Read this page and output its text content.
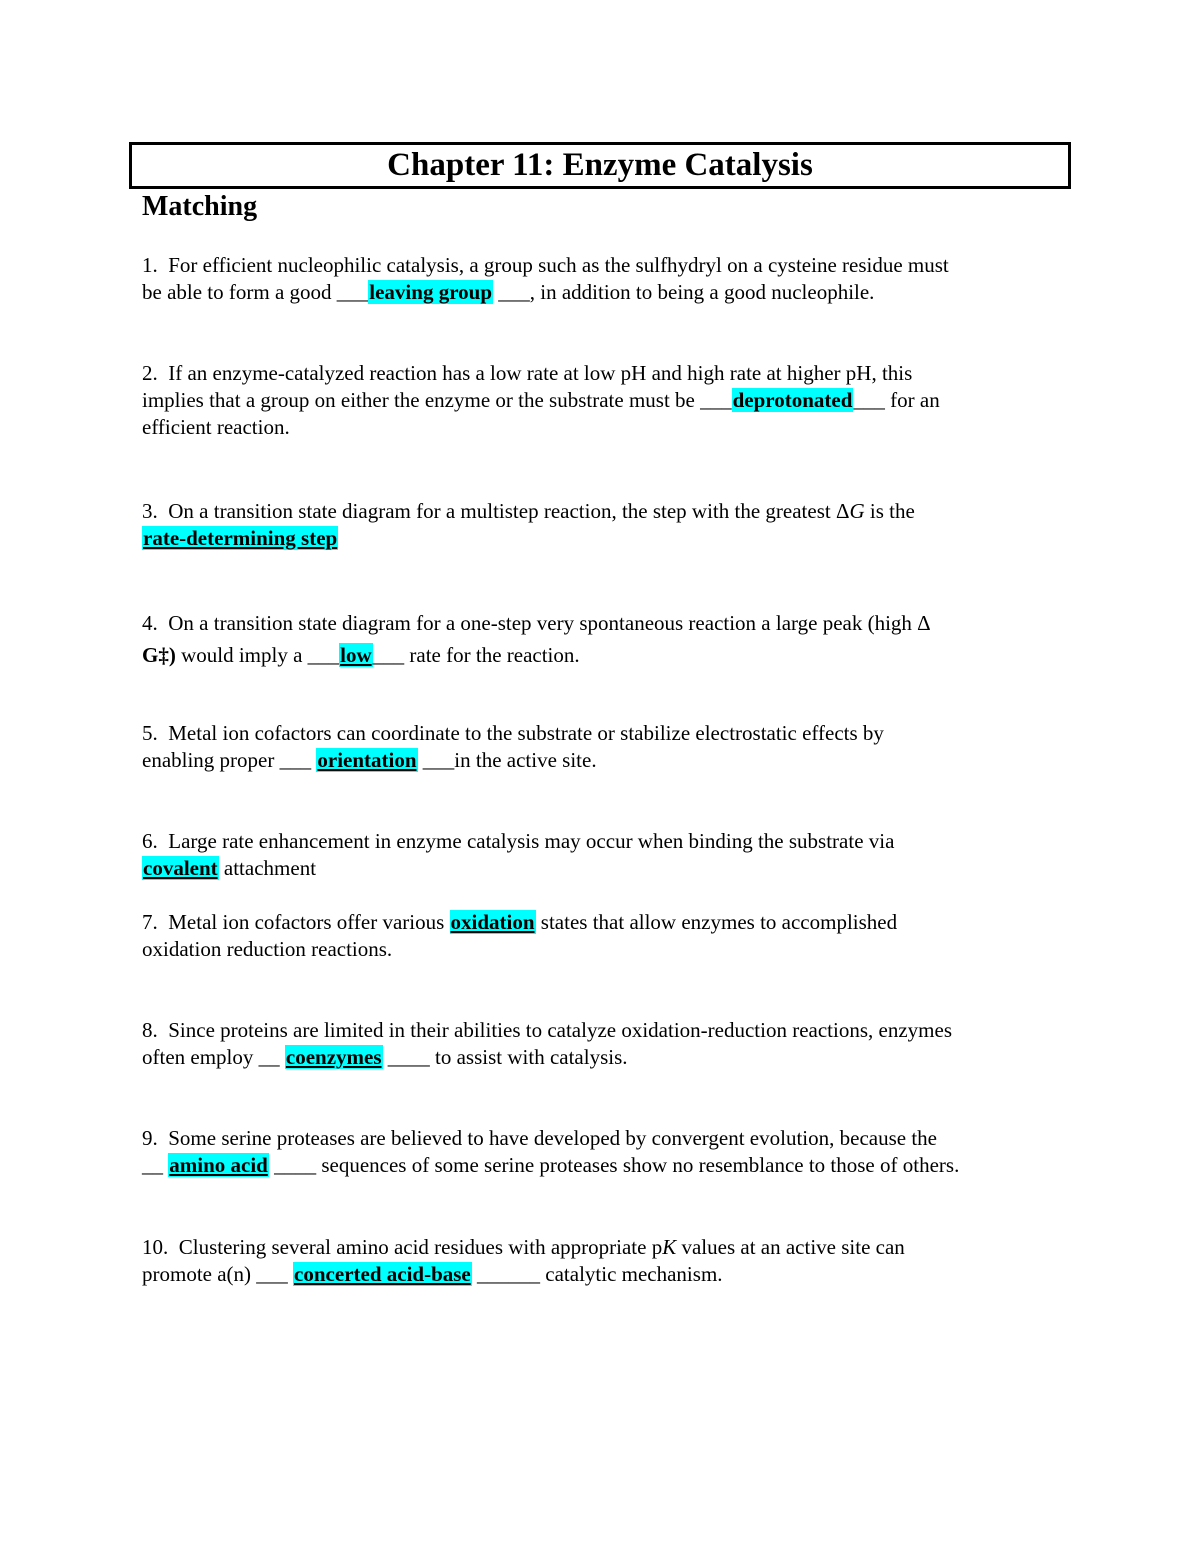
Chapter 11: Enzyme Catalysis
Matching

1. For efficient nucleophilic catalysis, a group such as the sulfhydryl on a cysteine residue must
be able to form a good ___leaving group ___, in addition to being a good nucleophile.

2. If an enzyme-catalyzed reaction has a low rate at low pH and high rate at higher pH, this
implies that a group on either the enzyme or the substrate must be ___deprotonated___ for an
efficient reaction.

3. On a transition state diagram for a multistep reaction, the step with the greatest ΔG is the
rate-determining step

4. On a transition state diagram for a one-step very spontaneous reaction a large peak (high Δ
G‡) would imply a ___low___ rate for the reaction.

5. Metal ion cofactors can coordinate to the substrate or stabilize electrostatic effects by
enabling proper ___ orientation ___in the active site.

6. Large rate enhancement in enzyme catalysis may occur when binding the substrate via
covalent attachment

7. Metal ion cofactors offer various oxidation states that allow enzymes to accomplished
oxidation reduction reactions.

8. Since proteins are limited in their abilities to catalyze oxidation-reduction reactions, enzymes
often employ __ coenzymes ____ to assist with catalysis.

9. Some serine proteases are believed to have developed by convergent evolution, because the
__ amino acid ____ sequences of some serine proteases show no resemblance to those of others.

10. Clustering several amino acid residues with appropriate pK values at an active site can
promote a(n) ___ concerted acid-base ______ catalytic mechanism.
